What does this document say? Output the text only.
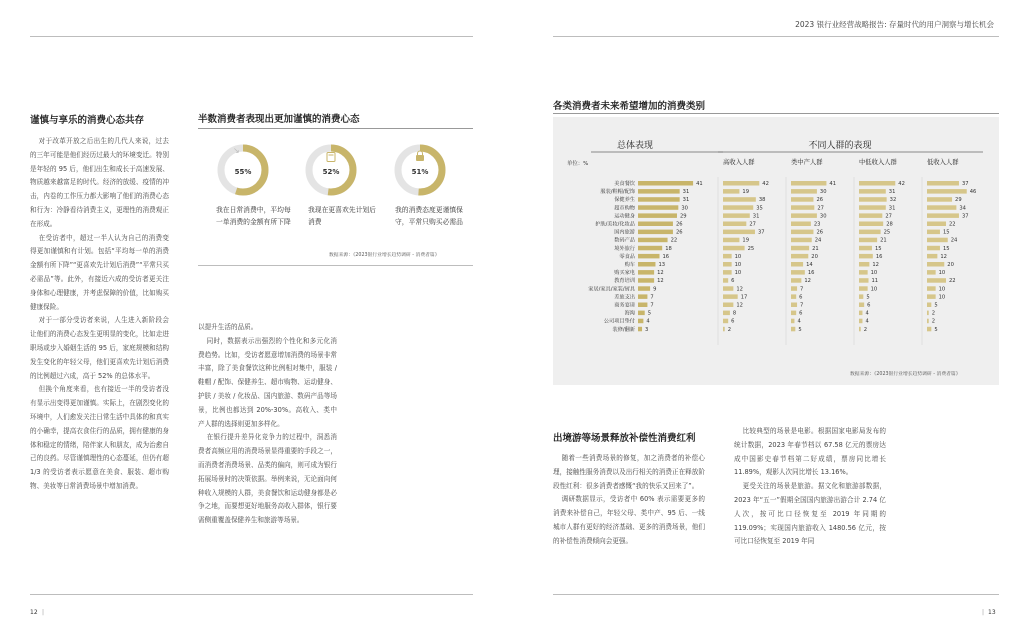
2023 银行业经营战略报告: 存量时代的用户洞察与增长机会
谨慎与享乐的消费心态共存

对于改革开放之后出生的几代人来说，过去的三年可能是他们经历过最大的环境变迁。特别是年轻的 95 后，他们出生和成长于高速发展、物质越来越富足的时代。经济的放缓、疫情的冲击，内卷的工作压力都大影响了他们的消费心态和行为：冷静看待消费主义，更理性的消费观正在形成。

在受访者中，超过一半人认为自己的消费变得更加谨慎和有计划。包括“平均每一单的消费金额有所下降”“更喜欢先计划后消费”“平常只买必需品”等。此外，有接近六成的受访者更关注身体和心理健康，并考虑保障的价值，比如购买健康保险。

对于一部分受访者来说，人生进入新阶段会让他们的消费心态发生更明显的变化，比如走进职场或步入婚姻生活的 95 后，家庭规模和结构发生变化的年轻父母，他们更喜欢先计划后消费的比例超过六成，高于 52% 的总体水平。

但换个角度来看，也有接近一半的受访者没有显示出变得更加谨慎。实际上，在剧烈变化的环境中，人们愈发关注日常生活中具体的和真实的小确幸，提高衣食住行的品质，拥有健康的身体和稳定的情绪，陪伴家人和朋友，成为治愈自己的良药。尽管谨慎理性的心态蔓延，但仍有超 1/3 的受访者表示愿意在美食、服装、超市购物、美妆等日常消费场景中增加消费。

半数消费者表现出更加谨慎的消费心态
55%
↘
我在日常消费中，平均每一单消费的金额有所下降
52%
我现在更喜欢先计划后消费
51%
我的消费态度更谨慎保守，平常只购买必需品
数据来源：《2023银行业增长趋势调研 - 消费者篇》

以提升生活的品质。

同时，数据表示出强烈的个性化和多元化消费趋势。比如，受访者愿意增加消费的场景非常丰富，除了美食餐饮这种比例相对集中，服装 / 鞋帽 / 配饰、保健养生、超市购物、运动健身、护肤 / 美妆 / 化妆品、国内旅游、数码产品等场景，比例也都达到 20%-30%。高收入、类中产人群的选择则更加多样化。

在银行提升差异化竞争力的过程中，洞悉消费者高频应用的消费场景显得重要的手段之一，而消费者消费场景、品类的偏向，则可成为银行拓展场景时的决策依据。举例来说，无论面向何种收入规模的人群，美食餐饮和运动健身都是必争之地，而要想更好地服务高收入群体，银行要需侧重覆盖保健养生和旅游等场景。

12 |
各类消费者未来希望增加的消费类别
高收入人群	类中产人群	中低收入人群	低收入人群
美食餐饮	41	42	41	42	37
服装/鞋帽/配饰	31	19	30	31	46
保健养生	31	38	26	32	29
超市购物	30	35	27	31	34
运动健身	29	31	30	27	37
护肤/美妆/化妆品	26	27	23	28	22
国内旅游	26	37	26	25	15
数码产品	22	19	24	21	24
境外旅行	18	25	21	15	15
零食品	16	10	20	16	12
购车	13	10	14	12	20
购买家电	12	10	16	10	10
教育培训	12	6	12	11	22
家居/家具/家装/厨具	9	12	7	10	10
差旅支出	7	17	6	5	10
商务宴请	7	12	7	6	5
海淘 5	8	6	4	2
公司项目垫付 4	6	4	4	2
装修/翻新 3	2	5	2	5
总体表现	不同人群的表现
单位：%
数据来源：《2023银行业增长趋势调研 - 消费者篇》
出境游等场景释放补偿性消费红利

随着一些消费场景的修复，加之消费者的补偿心理，接触性服务消费以及出行相关的消费正在释放阶段性红利：很多消费者感慨“我的快乐又回来了”。

调研数据显示，受访者中 60% 表示需要更多的消费来补偿自己，年轻父母、类中产、95 后、一线城市人群有更好的经济基础、更多的消费场景，他们的补偿性消费倾向会更强。

比较典型的场景是电影。根据国家电影局发布的统计数据，2023 年春节档以 67.58 亿元的票房达成中国影史春节档第二好成绩，票房同比增长 11.89%，观影人次同比增长 13.16%。

更受关注的场景是旅游。据文化和旅游部数据，2023 年“五一”假期全国国内旅游出游合计 2.74 亿人次，按可比口径恢复至 2019 年同期的 119.09%；实现国内旅游收入 1480.56 亿元，按可比口径恢复至 2019 年同

| 13
